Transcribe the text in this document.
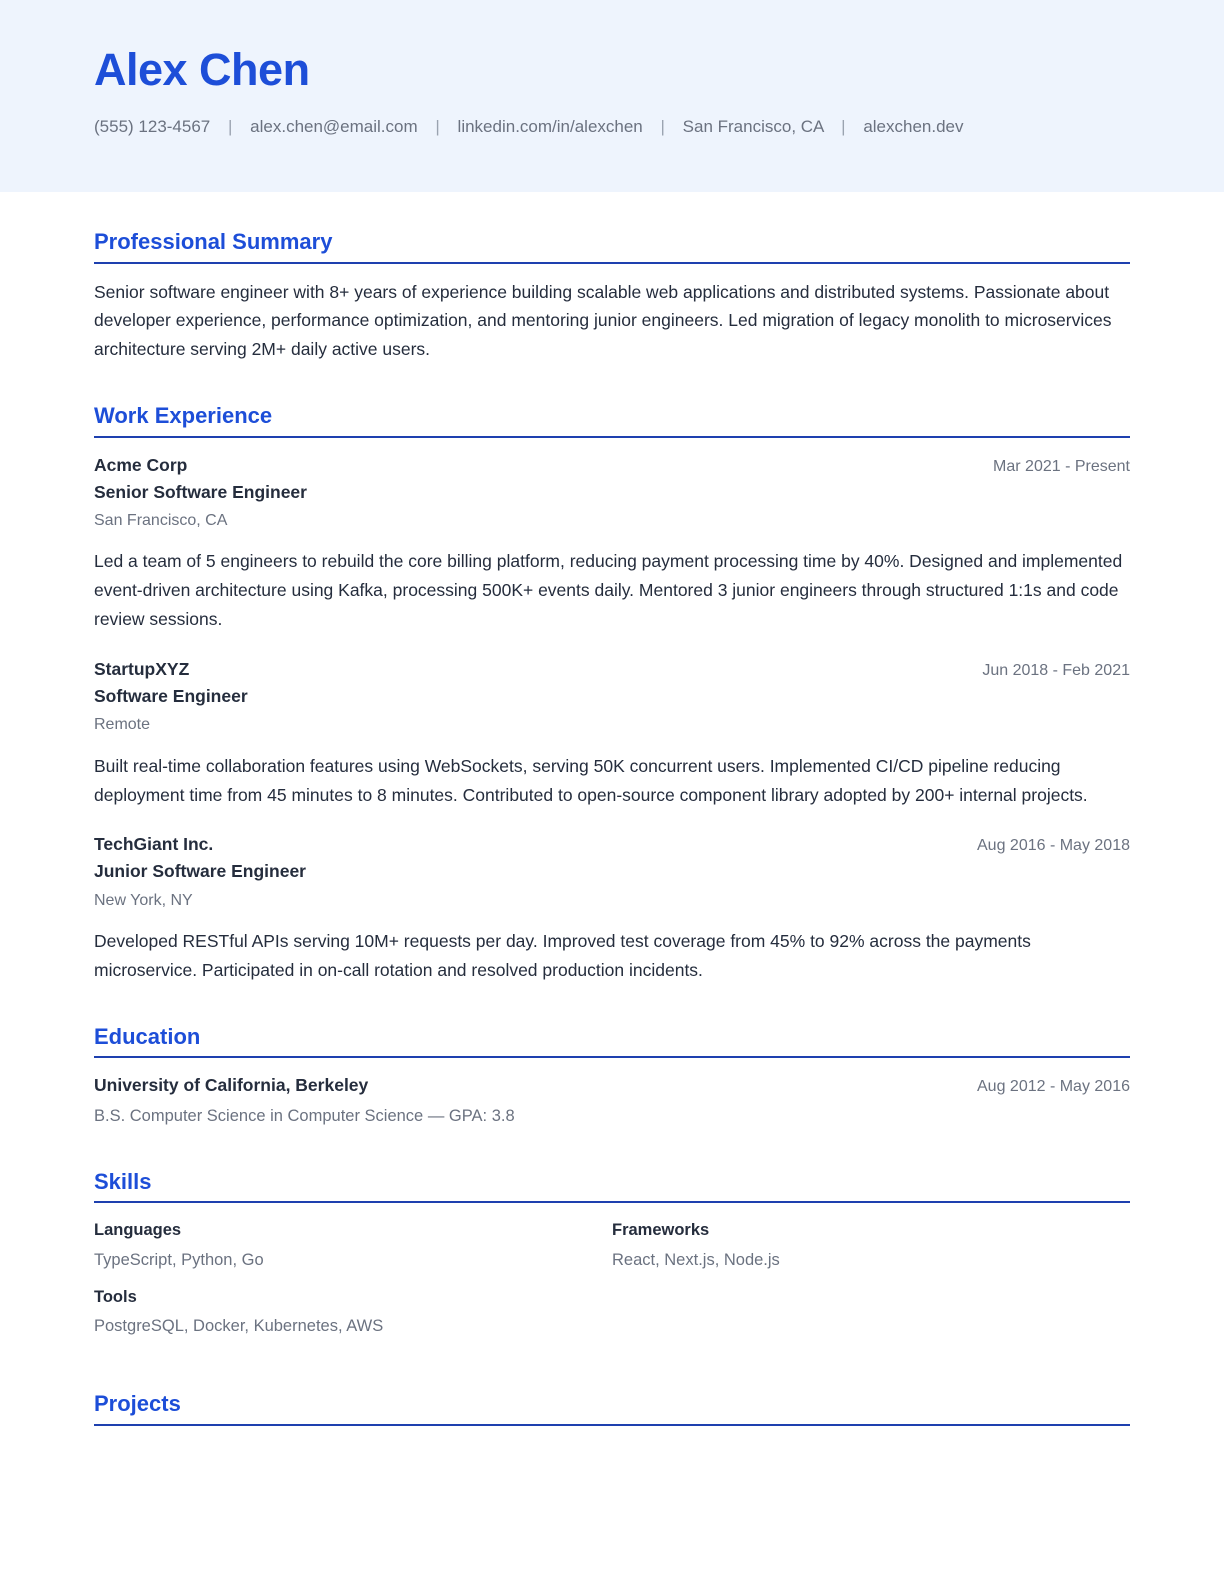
Alex Chen
(555) 123-4567 | alex.chen@email.com | linkedin.com/in/alexchen | San Francisco, CA | alexchen.dev
Professional Summary
Senior software engineer with 8+ years of experience building scalable web applications and distributed systems. Passionate about developer experience, performance optimization, and mentoring junior engineers. Led migration of legacy monolith to microservices architecture serving 2M+ daily active users.
Work Experience
Acme Corp	Mar 2021 - Present
Senior Software Engineer
San Francisco, CA
Led a team of 5 engineers to rebuild the core billing platform, reducing payment processing time by 40%. Designed and implemented event-driven architecture using Kafka, processing 500K+ events daily. Mentored 3 junior engineers through structured 1:1s and code review sessions.
StartupXYZ	Jun 2018 - Feb 2021
Software Engineer
Remote
Built real-time collaboration features using WebSockets, serving 50K concurrent users. Implemented CI/CD pipeline reducing deployment time from 45 minutes to 8 minutes. Contributed to open-source component library adopted by 200+ internal projects.
TechGiant Inc.	Aug 2016 - May 2018
Junior Software Engineer
New York, NY
Developed RESTful APIs serving 10M+ requests per day. Improved test coverage from 45% to 92% across the payments microservice. Participated in on-call rotation and resolved production incidents.
Education
University of California, Berkeley	Aug 2012 - May 2016
B.S. Computer Science in Computer Science — GPA: 3.8
Skills
Languages
TypeScript, Python, Go
Frameworks
React, Next.js, Node.js
Tools
PostgreSQL, Docker, Kubernetes, AWS
Projects
